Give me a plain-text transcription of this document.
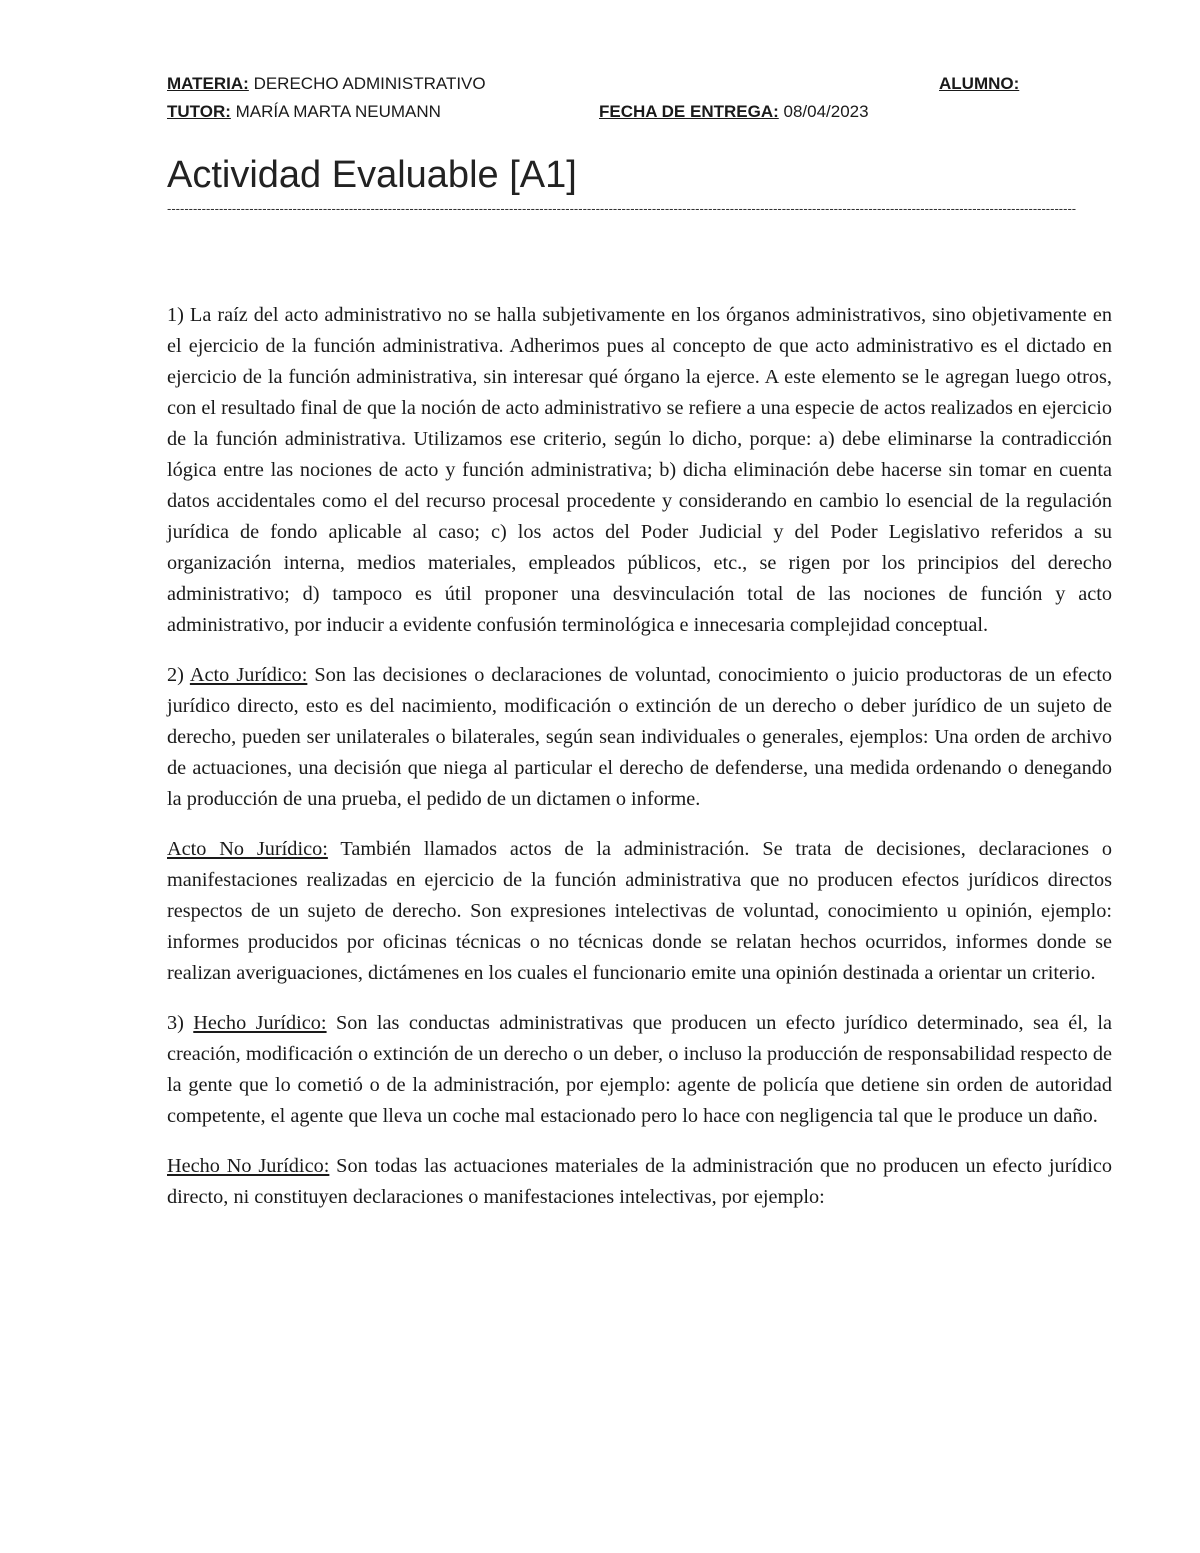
MATERIA: DERECHO ADMINISTRATIVO	ALUMNO:
TUTOR: MARÍA MARTA NEUMANN	FECHA DE ENTREGA: 08/04/2023
Actividad Evaluable [A1]
------------------------------------------------------------------------------------------------------------------------------------------------------------------------------------------------------------------

1) La raíz del acto administrativo no se halla subjetivamente en los órganos administrativos, sino objetivamente en el ejercicio de la función administrativa. Adherimos pues al concepto de que acto administrativo es el dictado en ejercicio de la función administrativa, sin interesar qué órgano la ejerce. A este elemento se le agregan luego otros, con el resultado final de que la noción de acto administrativo se refiere a una especie de actos realizados en ejercicio de la función administrativa. Utilizamos ese criterio, según lo dicho, porque: a) debe eliminarse la contradicción lógica entre las nociones de acto y función administrativa; b) dicha eliminación debe hacerse sin tomar en cuenta datos accidentales como el del recurso procesal procedente y considerando en cambio lo esencial de la regulación jurídica de fondo aplicable al caso; c) los actos del Poder Judicial y del Poder Legislativo referidos a su organización interna, medios materiales, empleados públicos, etc., se rigen por los principios del derecho administrativo; d) tampoco es útil proponer una desvinculación total de las nociones de función y acto administrativo, por inducir a evidente confusión terminológica e innecesaria complejidad conceptual.

2) Acto Jurídico: Son las decisiones o declaraciones de voluntad, conocimiento o juicio productoras de un efecto jurídico directo, esto es del nacimiento, modificación o extinción de un derecho o deber jurídico de un sujeto de derecho, pueden ser unilaterales o bilaterales, según sean individuales o generales, ejemplos: Una orden de archivo de actuaciones, una decisión que niega al particular el derecho de defenderse, una medida ordenando o denegando la producción de una prueba, el pedido de un dictamen o informe.

Acto No Jurídico: También llamados actos de la administración. Se trata de decisiones, declaraciones o manifestaciones realizadas en ejercicio de la función administrativa que no producen efectos jurídicos directos respectos de un sujeto de derecho. Son expresiones intelectivas de voluntad, conocimiento u opinión, ejemplo: informes producidos por oficinas técnicas o no técnicas donde se relatan hechos ocurridos, informes donde se realizan averiguaciones, dictámenes en los cuales el funcionario emite una opinión destinada a orientar un criterio.

3) Hecho Jurídico: Son las conductas administrativas que producen un efecto jurídico determinado, sea él, la creación, modificación o extinción de un derecho o un deber, o incluso la producción de responsabilidad respecto de la gente que lo cometió o de la administración, por ejemplo: agente de policía que detiene sin orden de autoridad competente, el agente que lleva un coche mal estacionado pero lo hace con negligencia tal que le produce un daño.

Hecho No Jurídico: Son todas las actuaciones materiales de la administración que no producen un efecto jurídico directo, ni constituyen declaraciones o manifestaciones intelectivas, por ejemplo:
